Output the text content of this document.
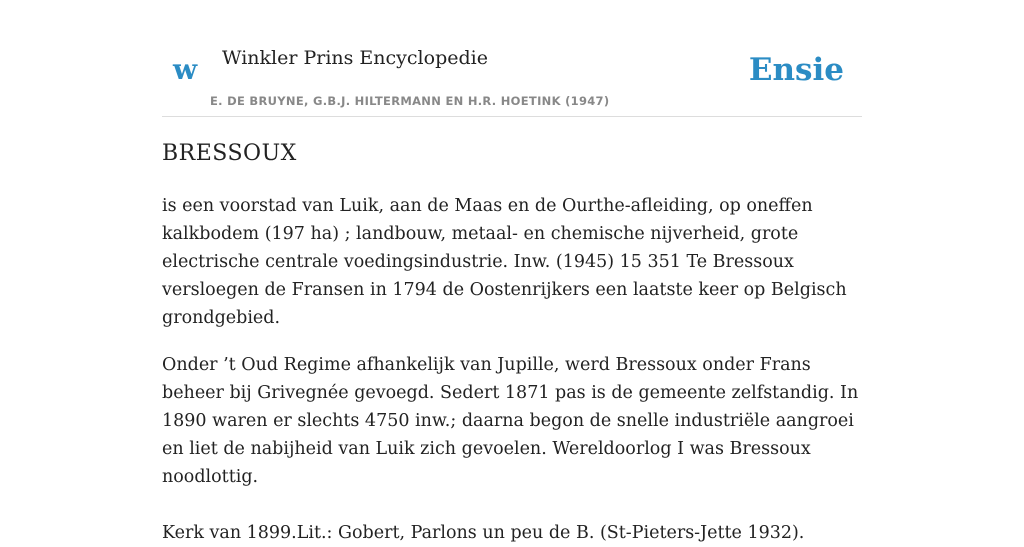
w Winkler Prins Encyclopedie
E. DE BRUYNE, G.B.J. HILTERMANN EN H.R. HOETINK (1947)
Ensie
BRESSOUX

is een voorstad van Luik, aan de Maas en de Ourthe-afleiding, op oneffen kalkbodem (197 ha) ; landbouw, metaal- en chemische nijverheid, grote electrische centrale voedingsindustrie. Inw. (1945) 15 351 Te Bressoux versloegen de Fransen in 1794 de Oostenrijkers een laatste keer op Belgisch grondgebied.

Onder ’t Oud Regime afhankelijk van Jupille, werd Bressoux onder Frans beheer bij Grivegnée gevoegd. Sedert 1871 pas is de gemeente zelfstandig. In 1890 waren er slechts 4750 inw.; daarna begon de snelle industriële aangroei en liet de nabijheid van Luik zich gevoelen. Wereldoorlog I was Bressoux noodlottig.

Kerk van 1899.Lit.: Gobert, Parlons un peu de B. (St-Pieters-Jette 1932).
